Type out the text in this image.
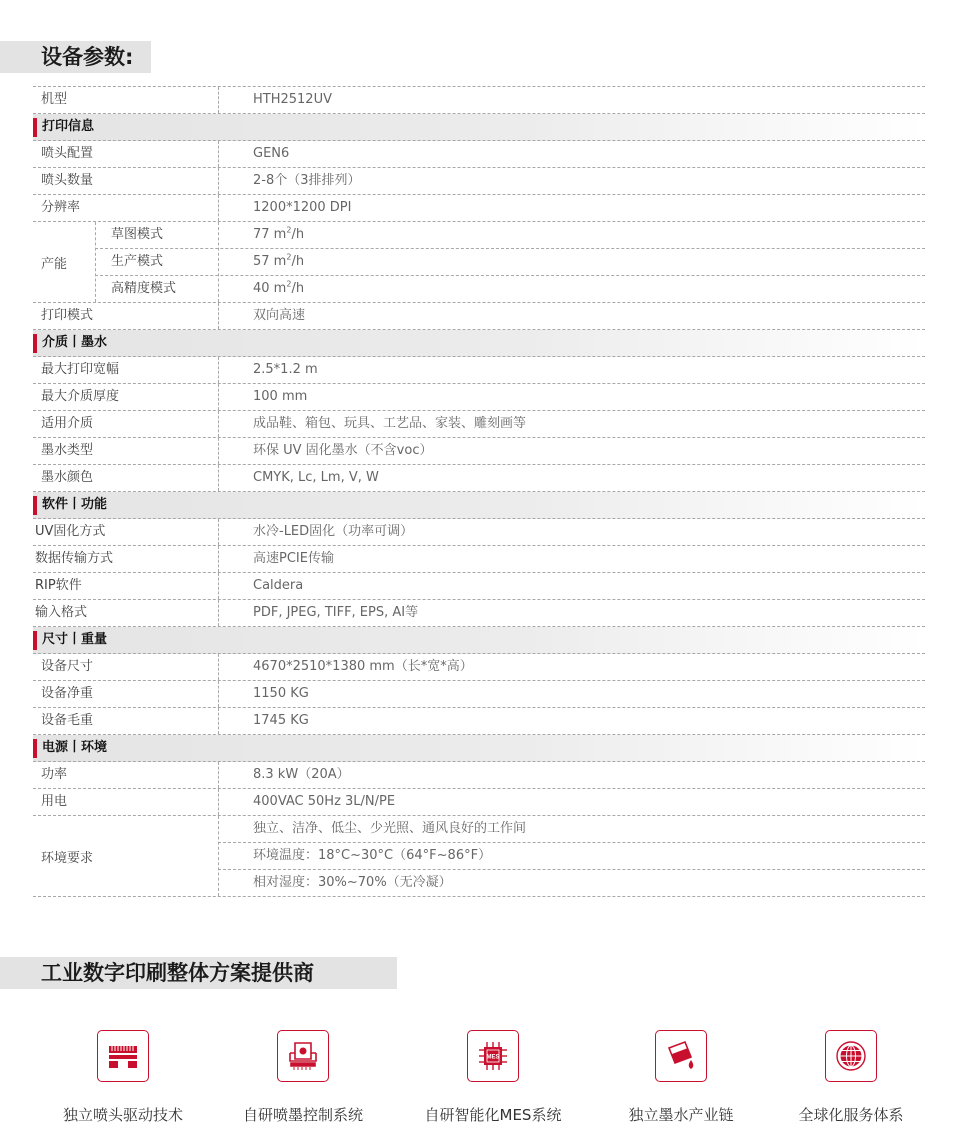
设备参数:
机型	HTH2512UV
打印信息
喷头配置	GEN6
喷头数量	2-8个（3排排列）
分辨率	1200*1200 DPI
产能
草图模式	77 $m^2/h$
生产模式	57 $m^2/h$
高精度模式	40 $m^2/h$
打印模式	双向高速
介质丨墨水
最大打印宽幅	2.5*1.2 m
最大介质厚度	100 mm
适用介质	成品鞋、箱包、玩具、工艺品、家装、雕刻画等
墨水类型	环保 UV 固化墨水（不含voc）
墨水颜色	CMYK, Lc, Lm, V, W
软件丨功能
UV固化方式	水冷-LED固化（功率可调）
数据传输方式	高速PCIE传输
RIP软件	Caldera
输入格式	PDF, JPEG, TIFF, EPS, AI等
尺寸丨重量
设备尺寸	4670*2510*1380 mm（长*宽*高）
设备净重	1150 KG
设备毛重	1745 KG
电源丨环境
功率	8.3 kW（20A）
用电	400VAC 50Hz 3L/N/PE
环境要求
独立、洁净、低尘、少光照、通风良好的工作间
环境温度：18°C~30°C（64°F~86°F）
相对湿度：30%~70%（无冷凝）
工业数字印刷整体方案提供商
独立喷头驱动技术	自研喷墨控制系统
MES
自研智能化MES系统	独立墨水产业链	全球化服务体系
